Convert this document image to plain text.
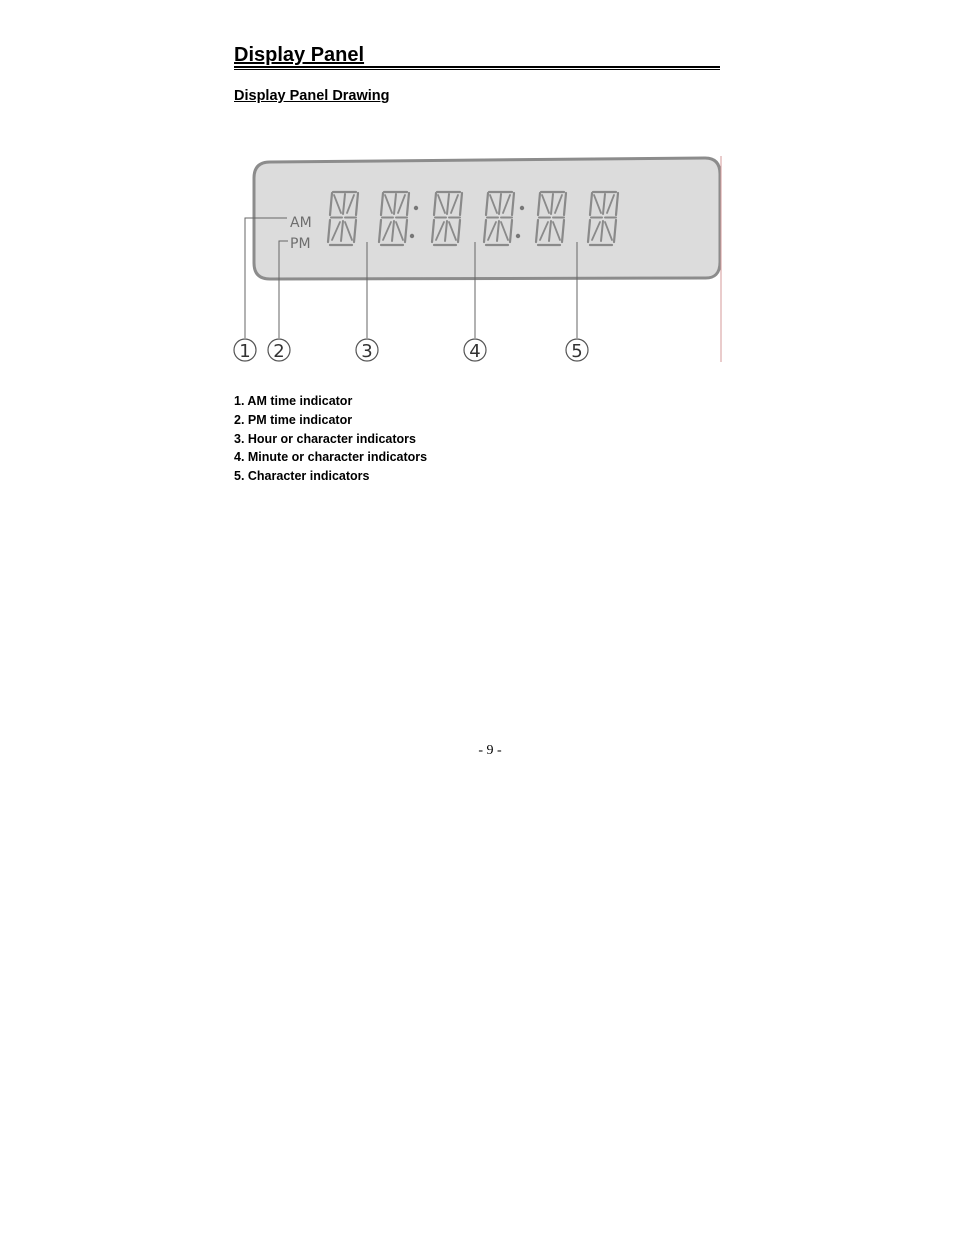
Display Panel
Display Panel Drawing
AM
PM
1 2	3	4	5
1. AM time indicator
2. PM time indicator
3. Hour or character indicators
4. Minute or character indicators
5. Character indicators
- 9 -
